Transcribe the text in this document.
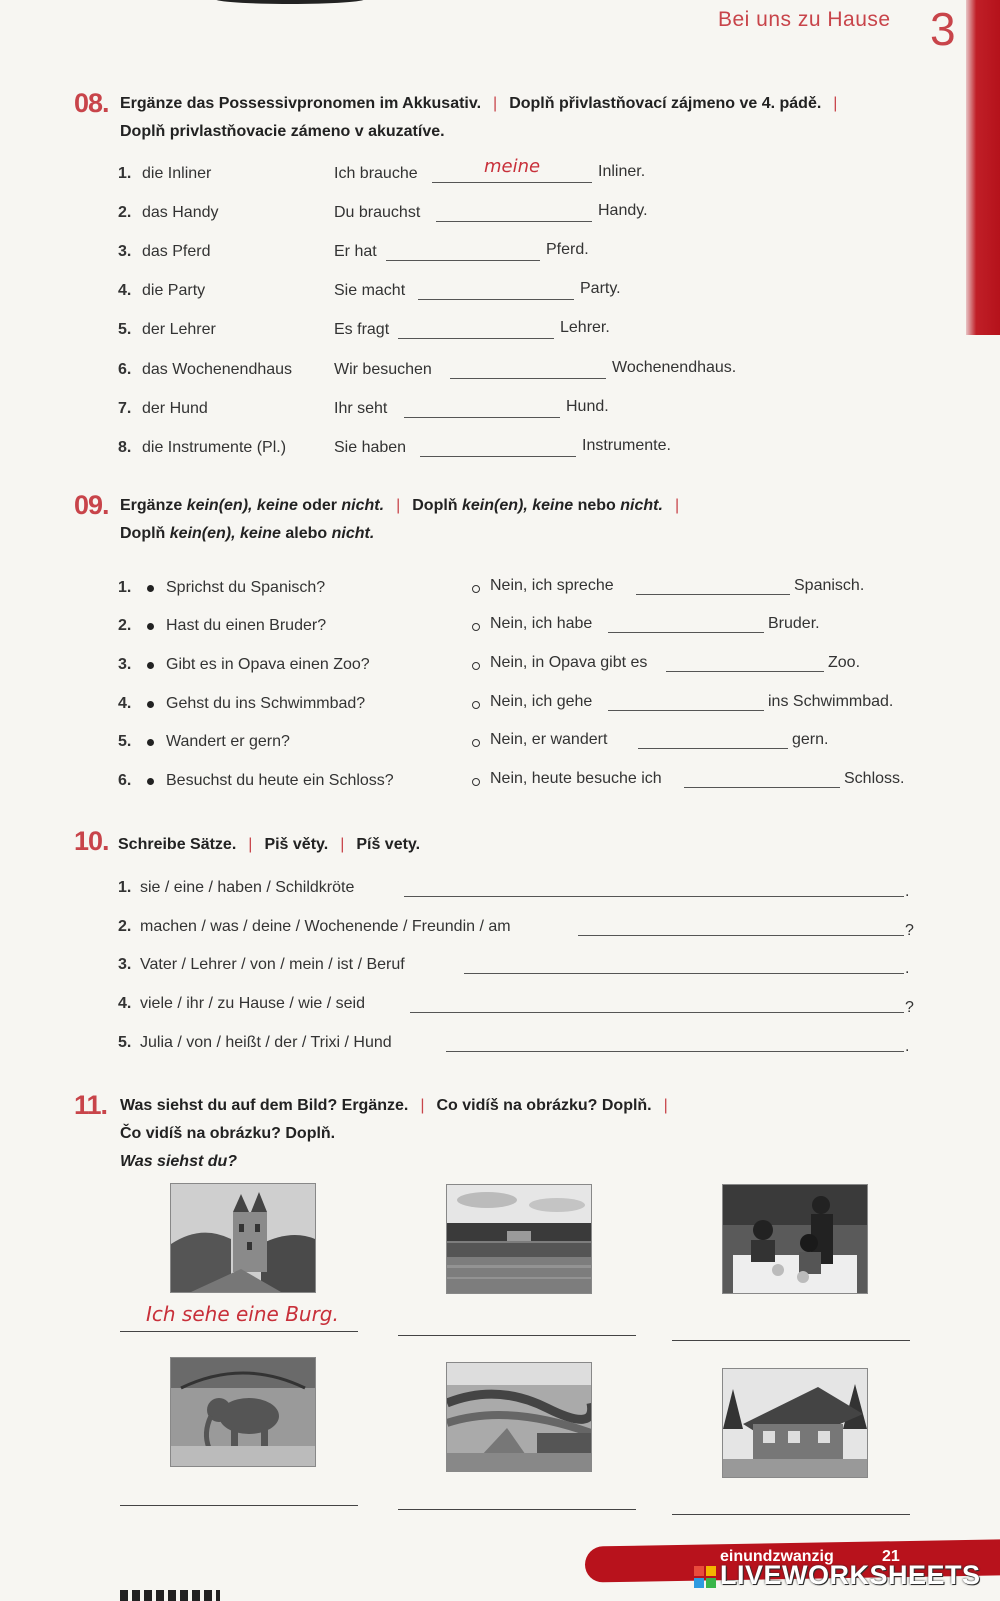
Bei uns zu Hause 3
08. Ergänze das Possessivpronomen im Akkusativ. | Doplň přivlastňovací zájmeno ve 4. pádě. |
Doplň privlastňovacie zámeno v akuzatíve.
1. die Inliner	Ich brauche	meine	Inliner.
2. das Handy	Du brauchst	Handy.
3. das Pferd	Er hat	Pferd.
4. die Party	Sie macht	Party.
5. der Lehrer	Es fragt	Lehrer.
6. das Wochenendhaus	Wir besuchen	Wochenendhaus.
7. der Hund	Ihr seht	Hund.
8. die Instrumente (Pl.)	Sie haben	Instrumente.
09. Ergänze kein(en), keine oder nicht. | Doplň kein(en), keine nebo nicht. |
Doplň kein(en), keine alebo nicht.
1. Sprichst du Spanisch?	Nein, ich spreche	Spanisch.
2. Hast du einen Bruder?	Nein, ich habe	Bruder.
3. Gibt es in Opava einen Zoo?	Nein, in Opava gibt es	Zoo.
4. Gehst du ins Schwimmbad?	Nein, ich gehe	ins Schwimmbad.
5. Wandert er gern?	Nein, er wandert	gern.
6. Besuchst du heute ein Schloss?	Nein, heute besuche ich	Schloss.
10. Schreibe Sätze. | Piš věty. | Píš vety.
1. sie / eine / haben / Schildkröte	.
2. machen / was / deine / Wochenende / Freundin / am	?
3. Vater / Lehrer / von / mein / ist / Beruf	.
4. viele / ihr / zu Hause / wie / seid	?
5. Julia / von / heißt / der / Trixi / Hund	.
11. Was siehst du auf dem Bild? Ergänze. | Co vidíš na obrázku? Doplň. |
Čo vidíš na obrázku? Doplň.
Was siehst du?
Ich sehe eine Burg.
einundzwanzig	21
LIVEWORKSHEETS
